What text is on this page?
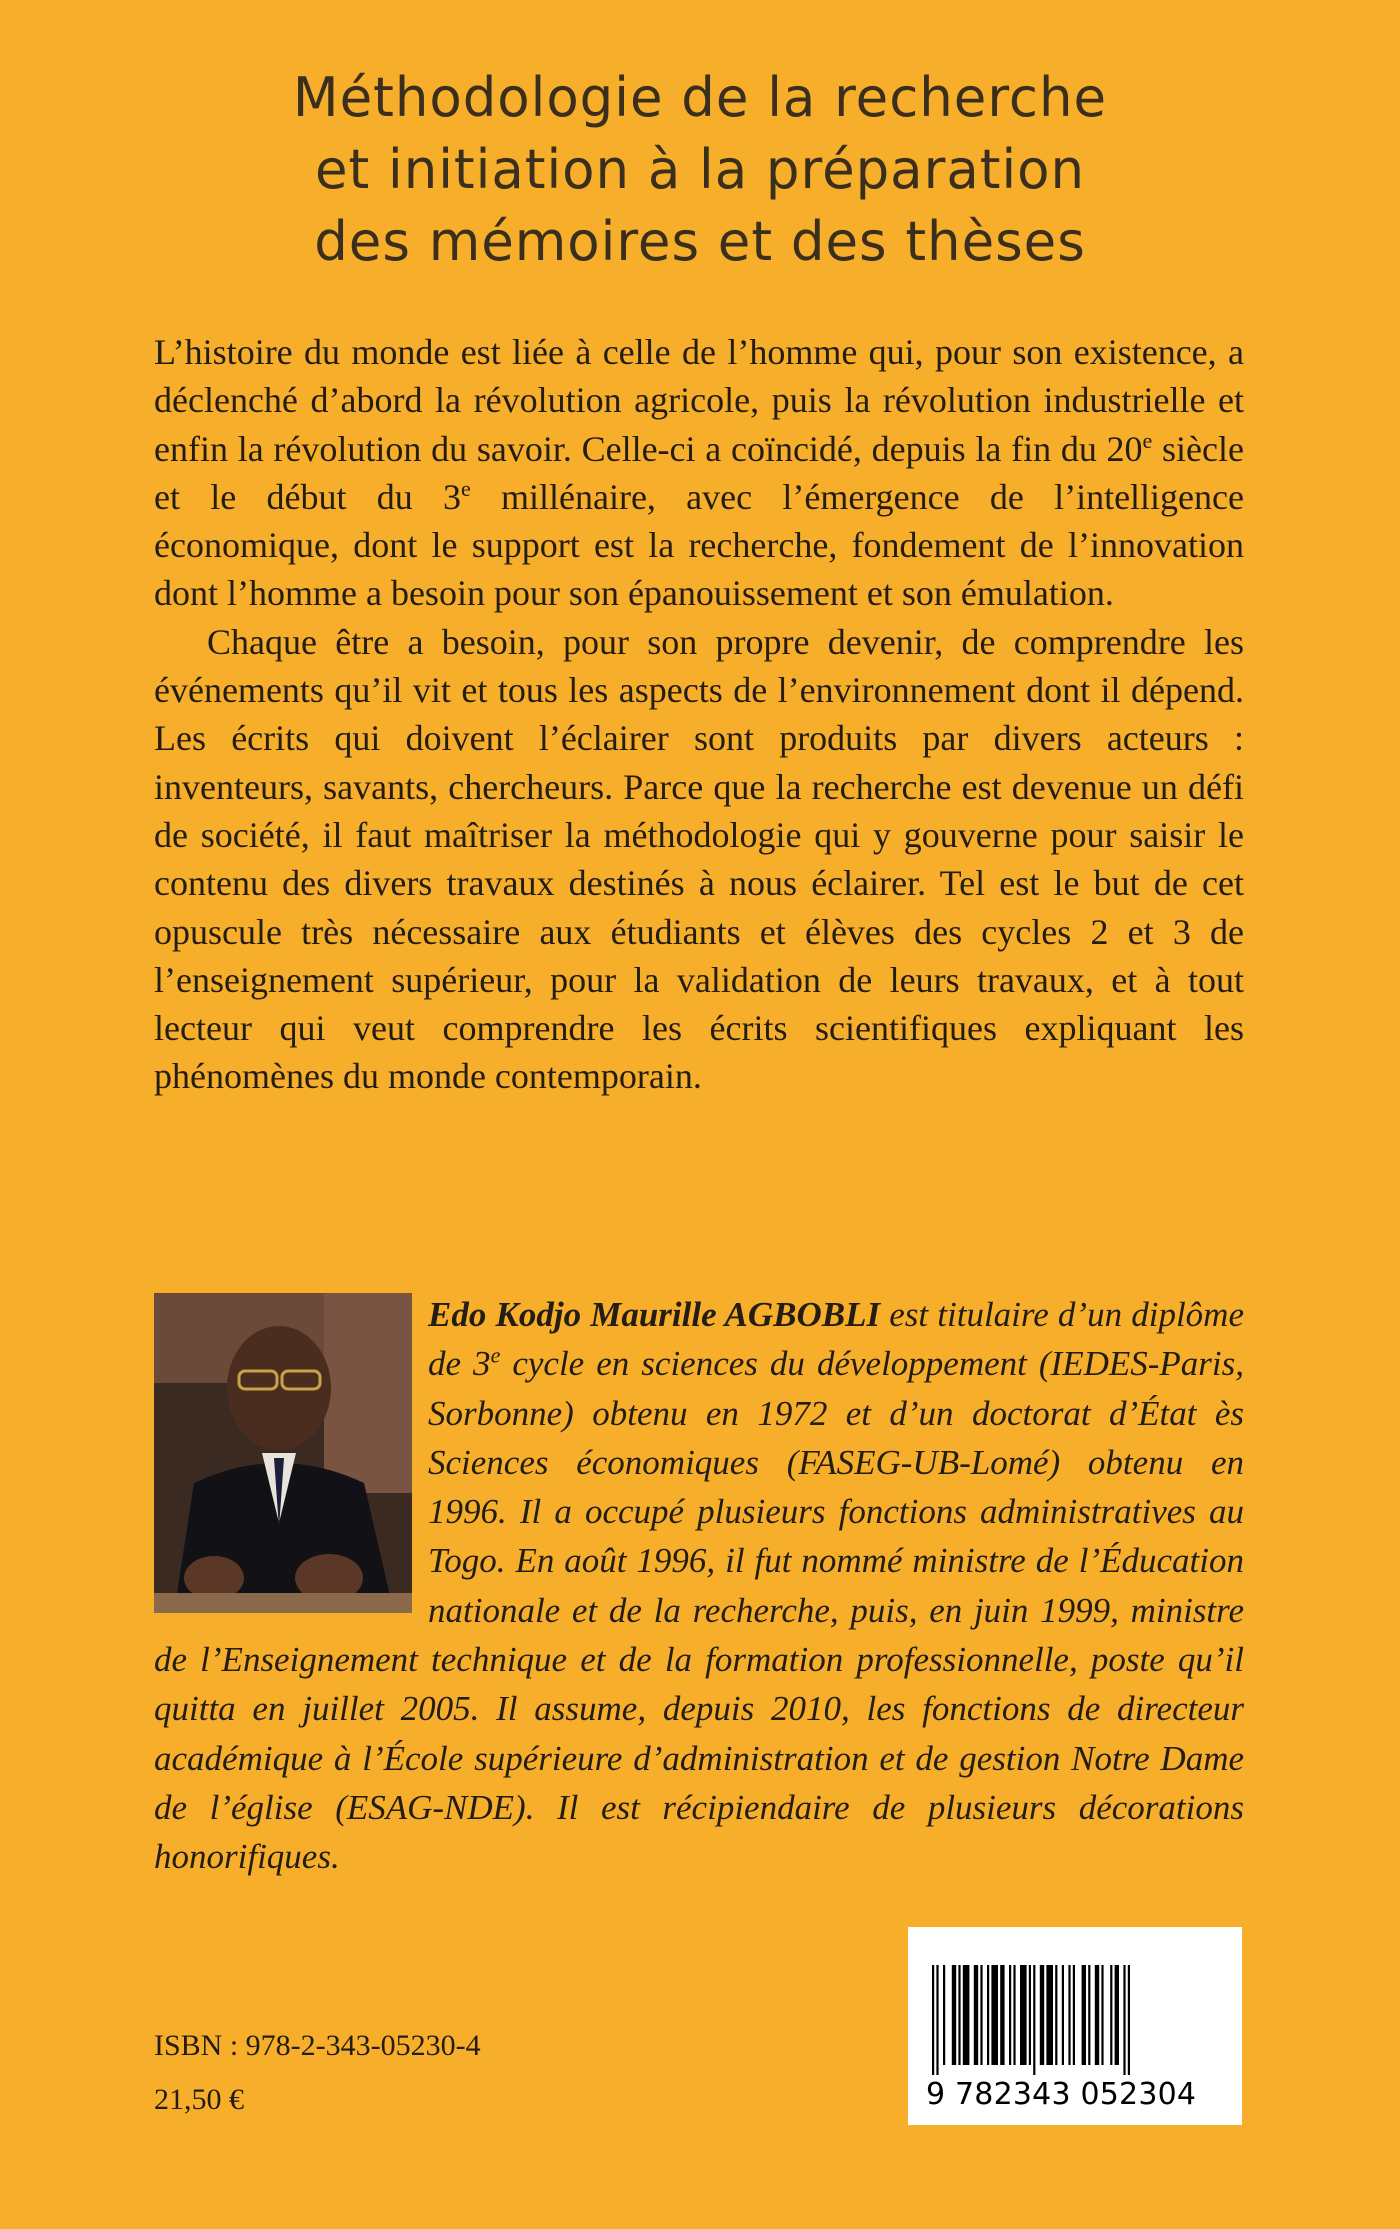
Méthodologie de la recherche
et initiation à la préparation
des mémoires et des thèses

L’histoire du monde est liée à celle de l’homme qui, pour son existence, a déclenché d’abord la révolution agricole, puis la révolution industrielle et enfin la révolution du savoir. Celle-ci a coïncidé, depuis la fin du 20e siècle et le début du 3e millénaire, avec l’émergence de l’intelligence économique, dont le support est la recherche, fondement de l’innovation dont l’homme a besoin pour son épanouissement et son émulation.

Chaque être a besoin, pour son propre devenir, de comprendre les événements qu’il vit et tous les aspects de l’environnement dont il dépend. Les écrits qui doivent l’éclairer sont produits par divers acteurs : inventeurs, savants, chercheurs. Parce que la recherche est devenue un défi de société, il faut maîtriser la méthodologie qui y gouverne pour saisir le contenu des divers travaux destinés à nous éclairer. Tel est le but de cet opuscule très nécessaire aux étudiants et élèves des cycles 2 et 3 de l’enseignement supérieur, pour la validation de leurs travaux, et à tout lecteur qui veut comprendre les écrits scientifiques expliquant les phénomènes du monde contemporain.

Edo Kodjo Maurille AGBOBLI est titulaire d’un diplôme de 3e cycle en sciences du développement (IEDES-Paris, Sorbonne) obtenu en 1972 et d’un doctorat d’État ès Sciences économiques (FASEG-UB-Lomé) obtenu en 1996. Il a occupé plusieurs fonctions administratives au Togo. En août 1996, il fut nommé ministre de l’Éducation nationale et de la recherche, puis, en juin 1999, ministre de l’Enseignement technique et de la formation professionnelle, poste qu’il quitta en juillet 2005. Il assume, depuis 2010, les fonctions de directeur académique à l’École supérieure d’administration et de gestion Notre Dame de l’église (ESAG-NDE). Il est récipiendaire de plusieurs décorations honorifiques.
ISBN : 978-2-343-05230-4
21,50 €	9 782343 052304
